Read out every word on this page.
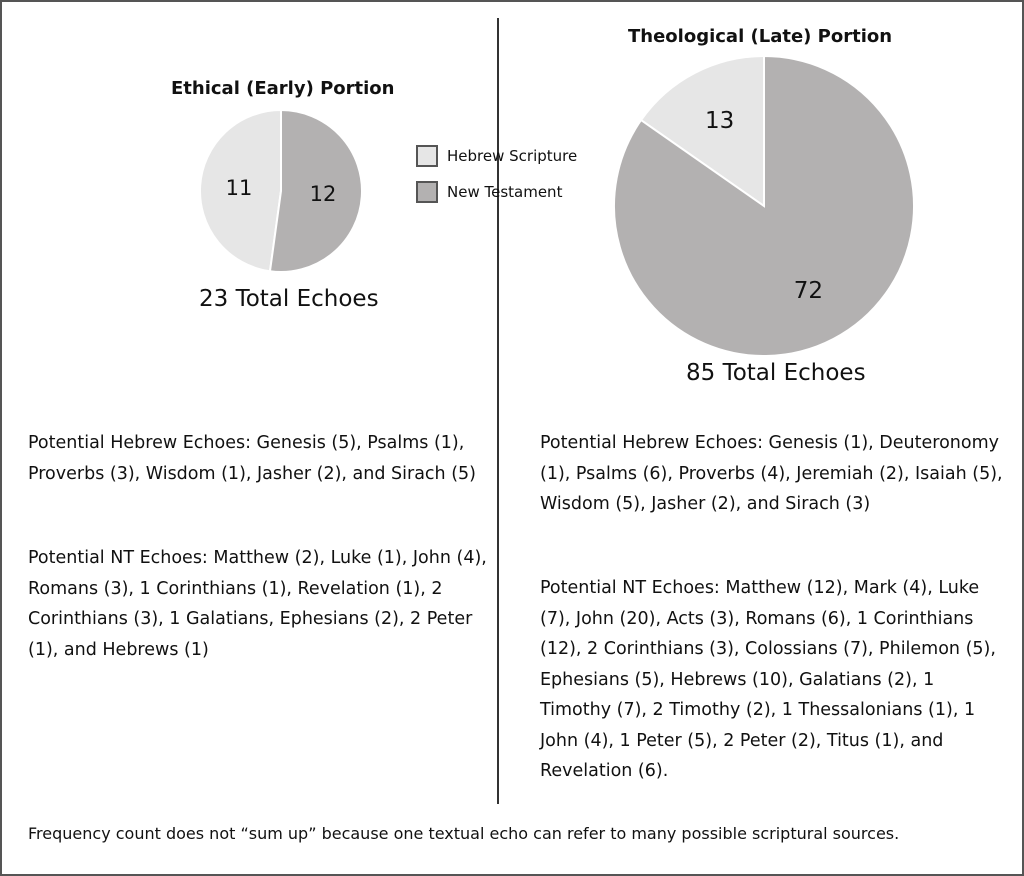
Ethical (Early) Portion
11	12

23 Total Echoes

Theological (Late) Portion
13
72

85 Total Echoes

Hebrew Scripture
New Testament

Potential Hebrew Echoes: Genesis (5), Psalms (1), Proverbs (3), Wisdom (1), Jasher (2), and Sirach (5)

Potential NT Echoes: Matthew (2), Luke (1), John (4), Romans (3), 1 Corinthians (1), Revelation (1), 2 Corinthians (3), 1 Galatians, Ephesians (2), 2 Peter (1), and Hebrews (1)

Potential Hebrew Echoes: Genesis (1), Deuteronomy (1), Psalms (6), Proverbs (4), Jeremiah (2), Isaiah (5), Wisdom (5), Jasher (2), and Sirach (3)

Potential NT Echoes: Matthew (12), Mark (4), Luke (7), John (20), Acts (3), Romans (6), 1 Corinthians (12), 2 Corinthians (3), Colossians (7), Philemon (5), Ephesians (5), Hebrews (10), Galatians (2), 1 Timothy (7), 2 Timothy (2), 1 Thessalonians (1), 1 John (4), 1 Peter (5), 2 Peter (2), Titus (1), and Revelation (6).

Frequency count does not “sum up” because one textual echo can refer to many possible scriptural sources.
